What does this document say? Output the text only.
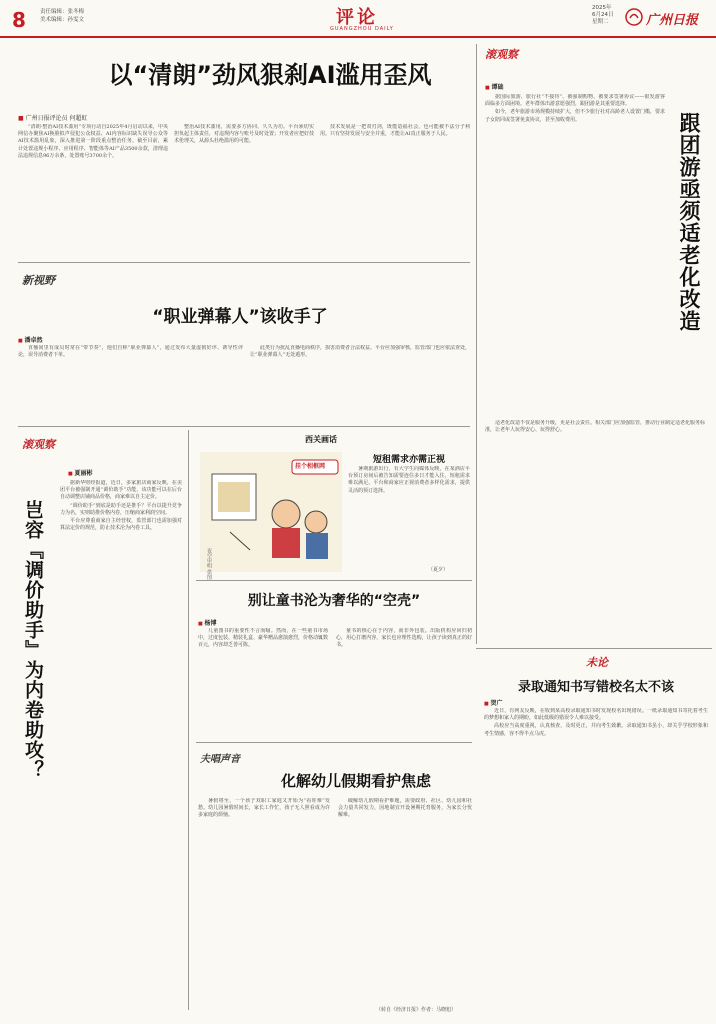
8	责任编辑：张冬梅
美术编辑：孙雯文	评论
GUANGZHOU DAILY
2025年
6月24日
星期二	广州日报
以“清朗”劲风狠刹AI滥用歪风
■ 广州日报评论员 何超虹

“清朗·整治AI技术滥用”专项行动自2025年4月启动以来，中央网信办聚焦AI换脸拟声侵犯公众权益、AI内容标识缺失误导公众等AI技术滥用乱象，深入推进第一阶段重点整治任务。截至目前，累计处置违规小程序、应用程序、智能体等AI产品3500余款，清理违法违规信息96万余条，处置账号3700余个。

整治AI技术滥用，需要多方协同、久久为功。平台须切实担负起主体责任，对违规内容与账号及时处置；开发者应把好技术伦理关，从源头杜绝滥用的可能。

技术发展是一把双刃剑，既能造福社会，也可能被不法分子利用。只有坚持发展与安全并重，才能让AI真正服务于人民。

滚观察
■ 谭础
跟团游亟须适老化改造

据国际旅游、旅行社“不接待”、被强制购物、被要求签署协议——银发游客面临多方面困境。老年群体出游意愿强烈，跟团游是其重要选择。

如今，老年旅游市场规模持续扩大，但不少旅行社对高龄老人设置门槛，要求子女陪同或签署免责协议，甚至加收费用。

适老化改造不仅是服务升级，更是社会责任。相关部门应加强监管，推动行业制定适老化服务标准，让老年人玩得安心、玩得舒心。

新视野
“职业弹幕人”该收手了
■ 潘卓然

直播间里有成员时常在“带节奏”，他们自称“职业弹幕人”，通过发布大量虚假好评、诱导性评论，误导消费者下单。

此类行为扰乱直播电商秩序，损害消费者合法权益。平台应加强审核，监管部门也应依法查处，让“职业弹幕人”无处遁形。

滚观察
■ 夏丽彬
岂容『调价助手』为内卷助攻？

据新华财经报道，近日，多家旅店商家反映，在美团平台被强制开通“调价助手”功能，该功能可以在后台自动调整店铺商品价格，商家难以自主定价。

“调价助手”到底是助手还是推手？平台以提升竞争力为名，实则助推价格内卷，压缩商家利润空间。

平台应尊重商家自主经营权，监管部门也需加强对算法定价的规范，防止技术沦为内卷工具。

西关画话
挂个相框网
夜空申明 供图
短租需求亦需正视

暑期旅游出行，有大学生向媒体反映，在某酒店平台预订房间后被告知需要连住多日才能入住，短租需求难以满足。平台和商家应正视消费者多样化需求，提供灵活的预订选择。

（夏夕）
别让童书沦为奢华的“空壳”
■ 杨博

儿童图书的重要性不言而喻。然而，在一些童书市场中，过度包装、精装礼盒、豪华赠品愈演愈烈，价格动辄数百元，内容却乏善可陈。

童书的核心在于内容，而非外包装。出版机构应回归初心，用心打磨内容，家长也应理性选购，让孩子读到真正的好书。

夫唱声音
化解幼儿假期看护焦虑

暑假将至，一个孩子双职工家庭又开始为“看娃难”发愁。幼儿园暑假时间长，家长工作忙，孩子无人照看成为许多家庭的烦恼。

破解幼儿假期看护难题，需要政府、社区、幼儿园和社会力量共同发力，因地制宜开设暑期托育服务，为家长分忧解难。

（转自《经济日报》作者：马晓旭）
未论
录取通知书写错校名太不该
■ 贺广

近日，有网友反映，在收到某高校录取通知书时发现校名出现错误。一纸录取通知书寄托着考生的梦想和家人的期盼，如此低级的错误令人难以接受。

高校应当高度重视，认真核查，及时更正，并向考生致歉。录取通知书虽小，却关乎学校形象和考生情感，容不得半点马虎。
